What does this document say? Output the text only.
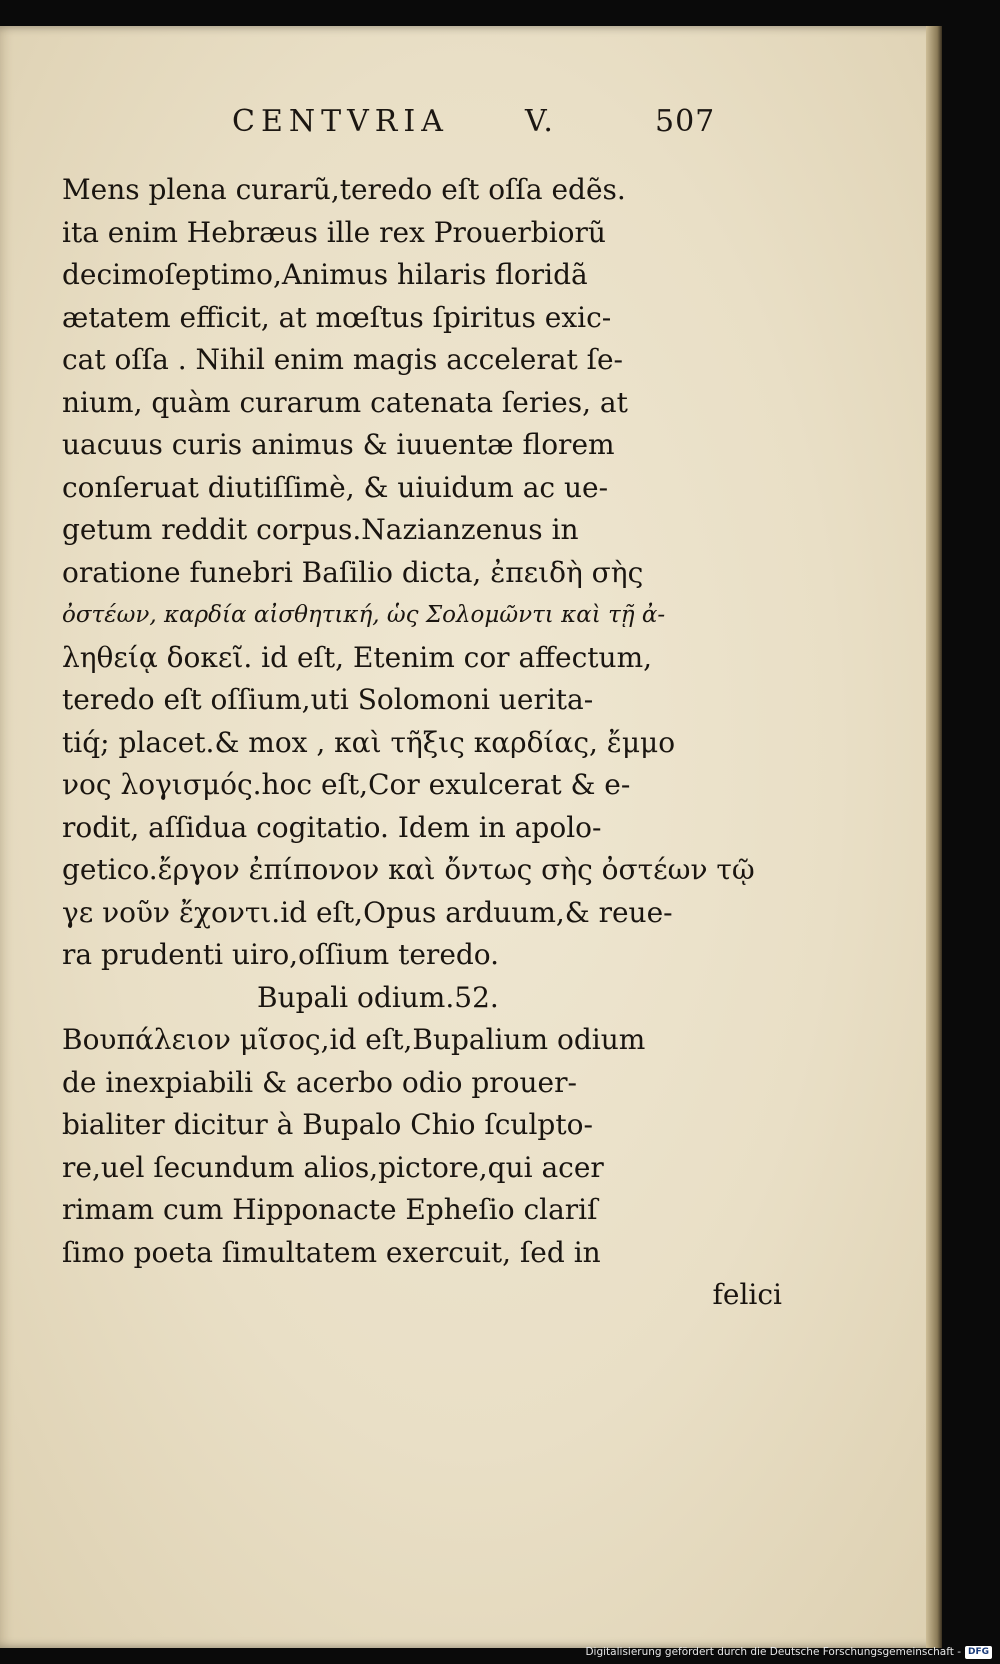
CENTVRIA	V.	507
Mens plena curarũ,teredo eſt oſſa edẽs.
ita enim Hebræus ille rex Prouerbiorũ
decimoſeptimo,Animus hilaris floridã
ætatem efficit, at mœſtus ſpiritus exic-
cat oſſa . Nihil enim magis accelerat ſe-
nium, quàm curarum catenata ſeries, at
uacuus curis animus & iuuentæ florem
conſeruat diutiſſimè, & uiuidum ac ue-
getum reddit corpus.Nazianzenus in
oratione funebri Baſilio dicta, ἐπειδὴ σὴς
ὀστέων, καρδία αἰσθητική, ὡς Σολομῶντι καὶ τῇ ἀ-
ληθείᾳ δοκεῖ. id eſt, Etenim cor affectum,
teredo eſt oſſium,uti Solomoni uerita-
tiq́; placet.& mox , καὶ τῆξις καρδίας, ἔμμο
νος λογισμός.hoc eſt,Cor exulcerat & e-
rodit, aſſidua cogitatio. Idem in apolo-
getico.ἔργον ἐπίπονον καὶ ὄντως σὴς ὀστέων τῷ
γε νοῦν ἔχοντι.id eſt,Opus arduum,& reue-
ra prudenti uiro,oſſium teredo.
Bupali odium.52.
Βουπάλειον μῖσος,id eſt,Bupalium odium
de inexpiabili & acerbo odio prouer-
bialiter dicitur à Bupalo Chio ſculpto-
re,uel ſecundum alios,pictore,qui acer
rimam cum Hipponacte Epheſio clariſ
ſimo poeta ſimultatem exercuit, ſed in
felici
Digitalisierung gefördert durch die Deutsche Forschungsgemeinschaft - DFG
